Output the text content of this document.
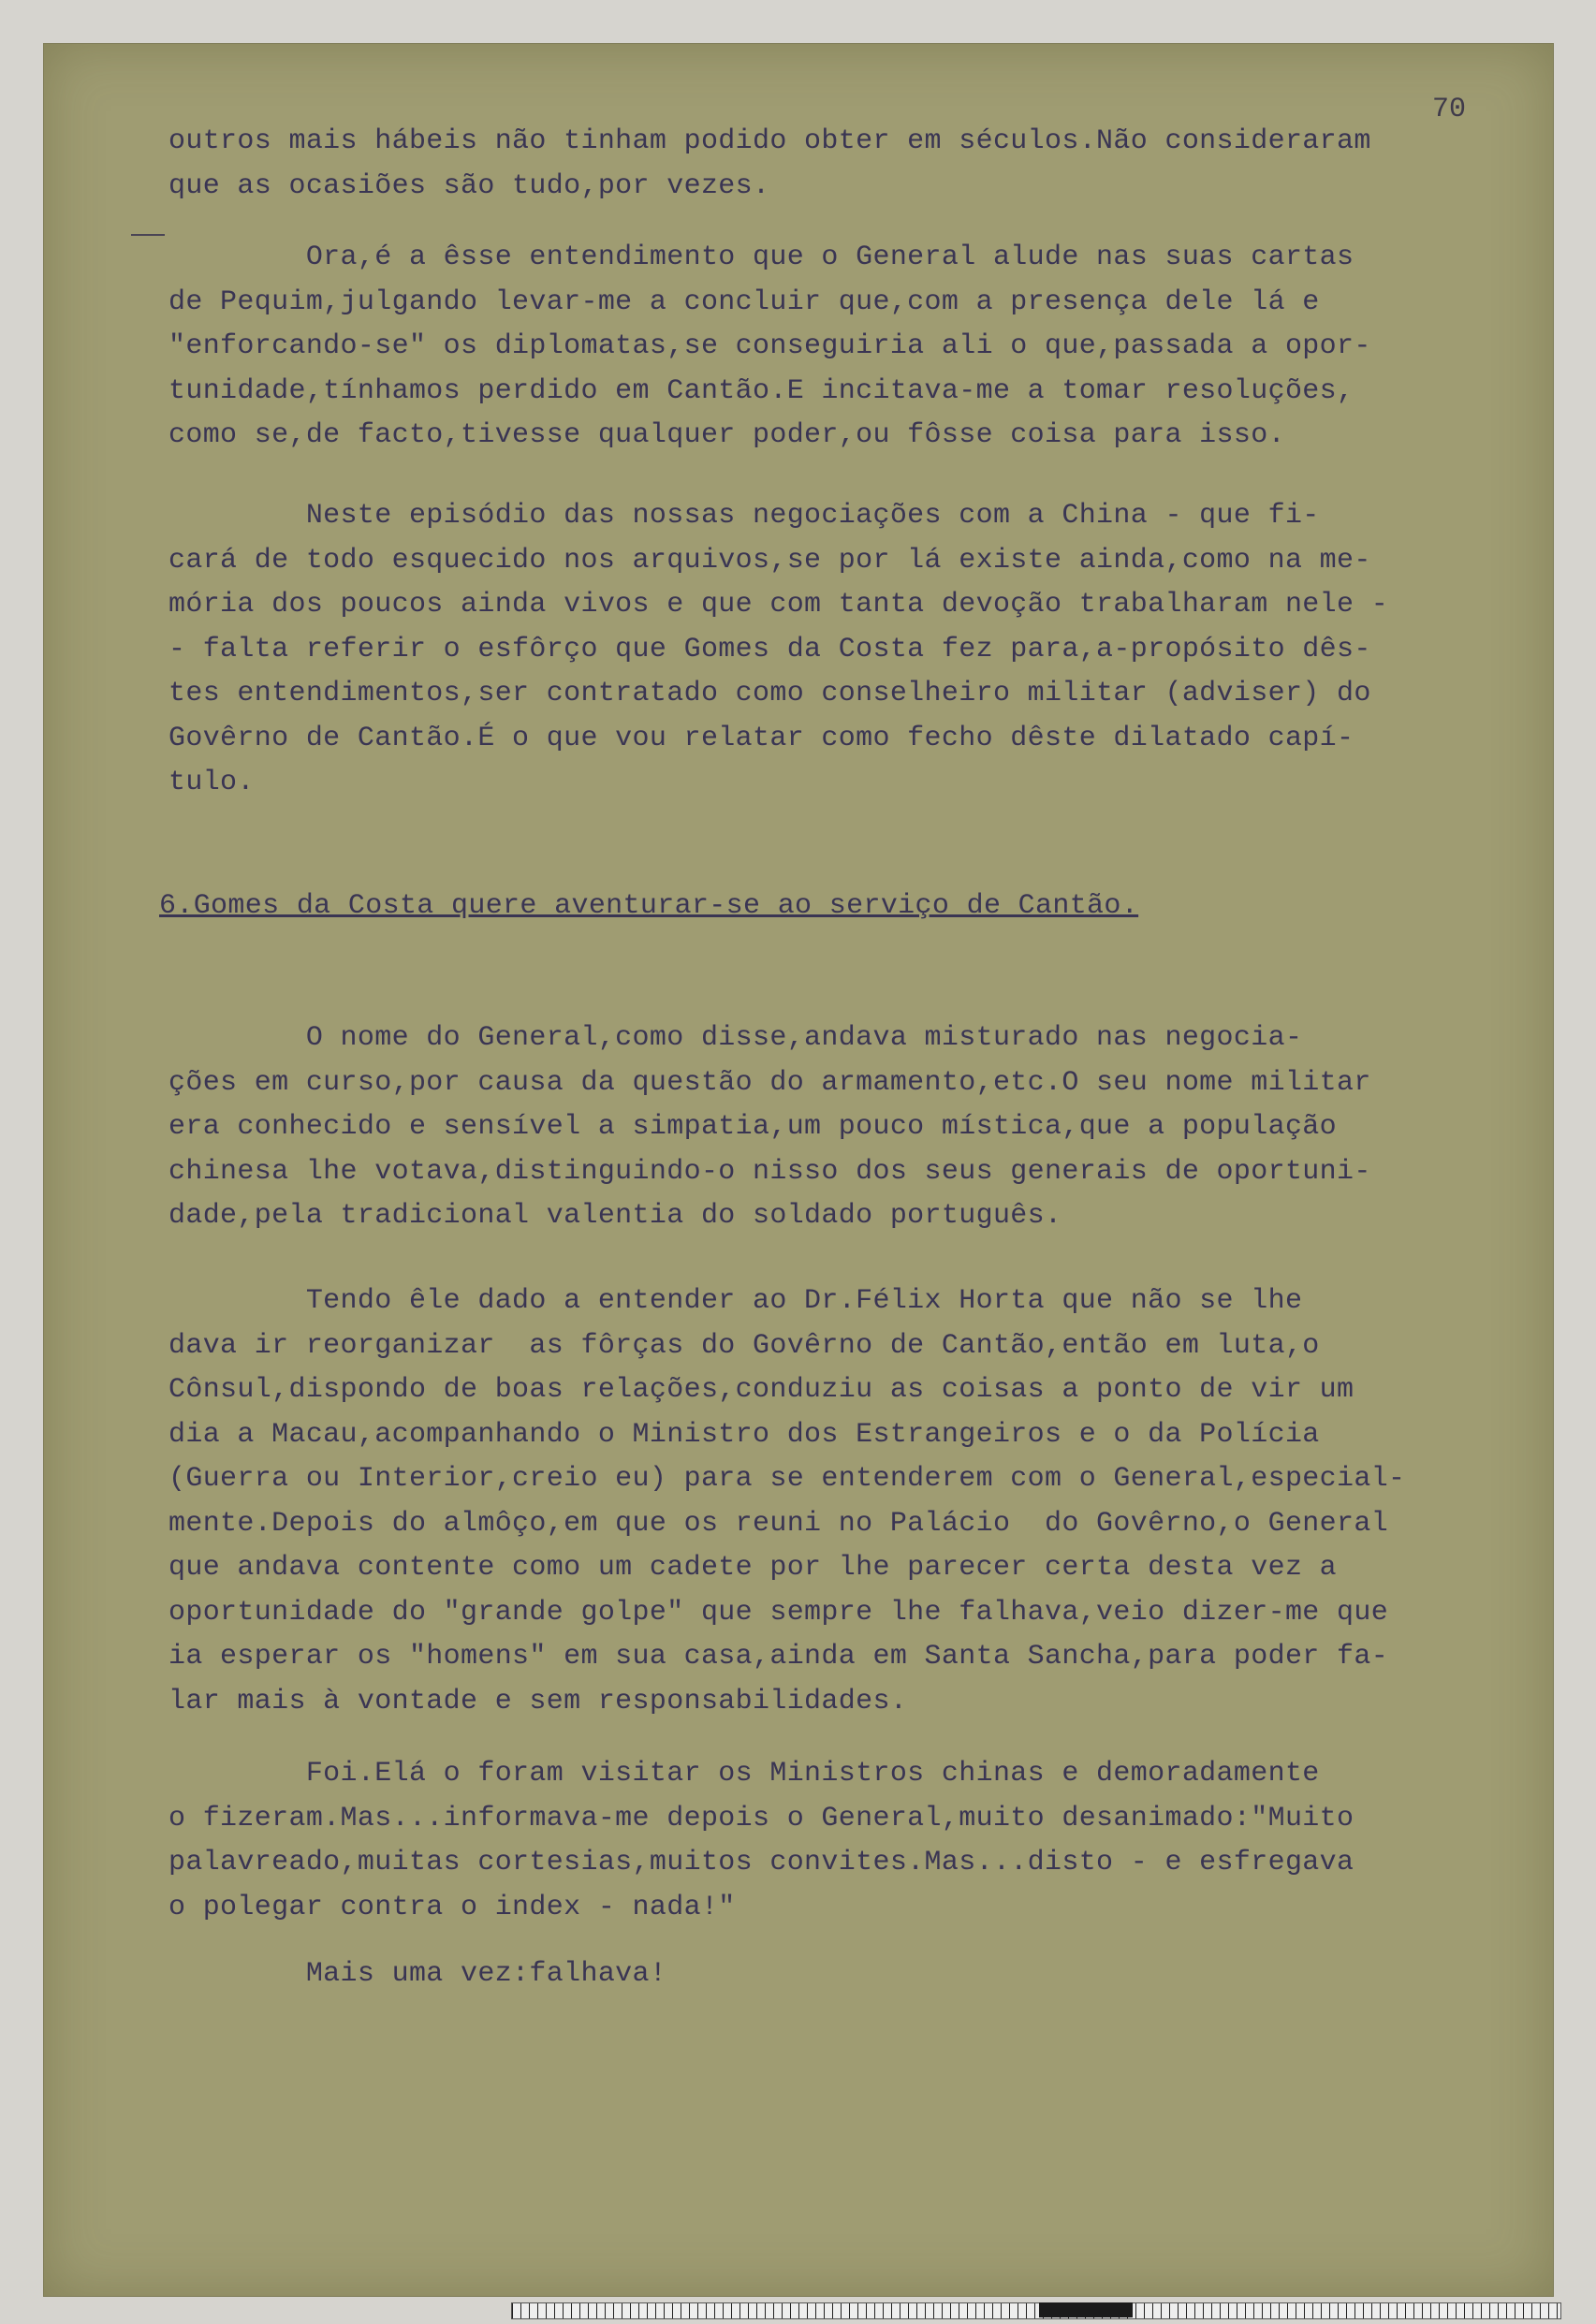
70
outros mais hábeis não tinham podido obter em séculos.Não consideraram
que as ocasiões são tudo,por vezes.
Ora,é a êsse entendimento que o General alude nas suas cartas
de Pequim,julgando levar-me a concluir que,com a presença dele lá e
"enforcando-se" os diplomatas,se conseguiria ali o que,passada a opor-
tunidade,tínhamos perdido em Cantão.E incitava-me a tomar resoluções,
como se,de facto,tivesse qualquer poder,ou fôsse coisa para isso.
Neste episódio das nossas negociações com a China - que fi-
cará de todo esquecido nos arquivos,se por lá existe ainda,como na me-
mória dos poucos ainda vivos e que com tanta devoção trabalharam nele -
- falta referir o esfôrço que Gomes da Costa fez para,a-propósito dês-
tes entendimentos,ser contratado como conselheiro militar (adviser) do
Govêrno de Cantão.É o que vou relatar como fecho dêste dilatado capí-
tulo.
6.Gomes da Costa quere aventurar-se ao serviço de Cantão.
O nome do General,como disse,andava misturado nas negocia-
ções em curso,por causa da questão do armamento,etc.O seu nome militar
era conhecido e sensível a simpatia,um pouco mística,que a população
chinesa lhe votava,distinguindo-o nisso dos seus generais de oportuni-
dade,pela tradicional valentia do soldado português.
Tendo êle dado a entender ao Dr.Félix Horta que não se lhe
dava ir reorganizar  as fôrças do Govêrno de Cantão,então em luta,o
Cônsul,dispondo de boas relações,conduziu as coisas a ponto de vir um
dia a Macau,acompanhando o Ministro dos Estrangeiros e o da Polícia
(Guerra ou Interior,creio eu) para se entenderem com o General,especial-
mente.Depois do almôço,em que os reuni no Palácio  do Govêrno,o General
que andava contente como um cadete por lhe parecer certa desta vez a
oportunidade do "grande golpe" que sempre lhe falhava,veio dizer-me que
ia esperar os "homens" em sua casa,ainda em Santa Sancha,para poder fa-
lar mais à vontade e sem responsabilidades.
Foi.Elá o foram visitar os Ministros chinas e demoradamente
o fizeram.Mas...informava-me depois o General,muito desanimado:"Muito
palavreado,muitas cortesias,muitos convites.Mas...disto - e esfregava
o polegar contra o index - nada!"
Mais uma vez:falhava!
